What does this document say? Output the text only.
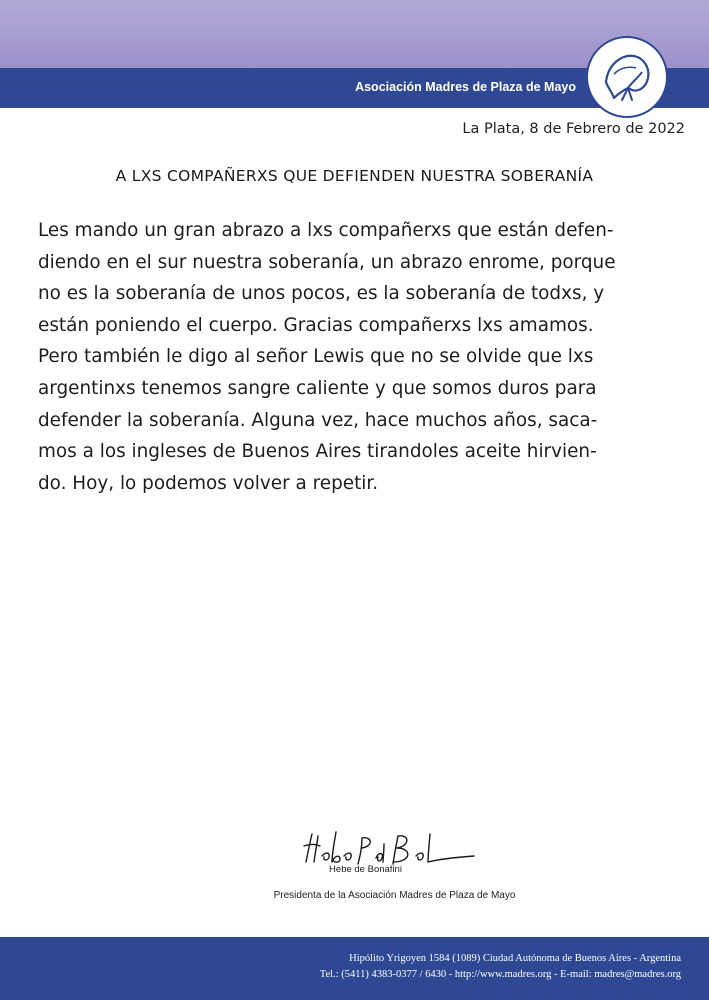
Asociación Madres de Plaza de Mayo
La Plata, 8 de Febrero de 2022
A LXS COMPAÑERXS QUE DEFIENDEN NUESTRA SOBERANÍA
Les mando un gran abrazo a lxs compañerxs que están defen-
diendo en el sur nuestra soberanía, un abrazo enrome, porque
no es la soberanía de unos pocos, es la soberanía de todxs, y
están poniendo el cuerpo. Gracias compañerxs lxs amamos.
Pero también le digo al señor Lewis que no se olvide que lxs
argentinxs tenemos sangre caliente y que somos duros para
defender la soberanía. Alguna vez, hace muchos años, saca-
mos a los ingleses de Buenos Aires tirandoles aceite hirvien-
do. Hoy, lo podemos volver a repetir.
Hebe de Bonafini
Presidenta de la Asociación Madres de Plaza de Mayo
Hipólito Yrigoyen 1584 (1089) Ciudad Autónoma de Buenos Aires - Argentina
Tel.: (5411) 4383-0377 / 6430 - http://www.madres.org - E-mail: madres@madres.org
